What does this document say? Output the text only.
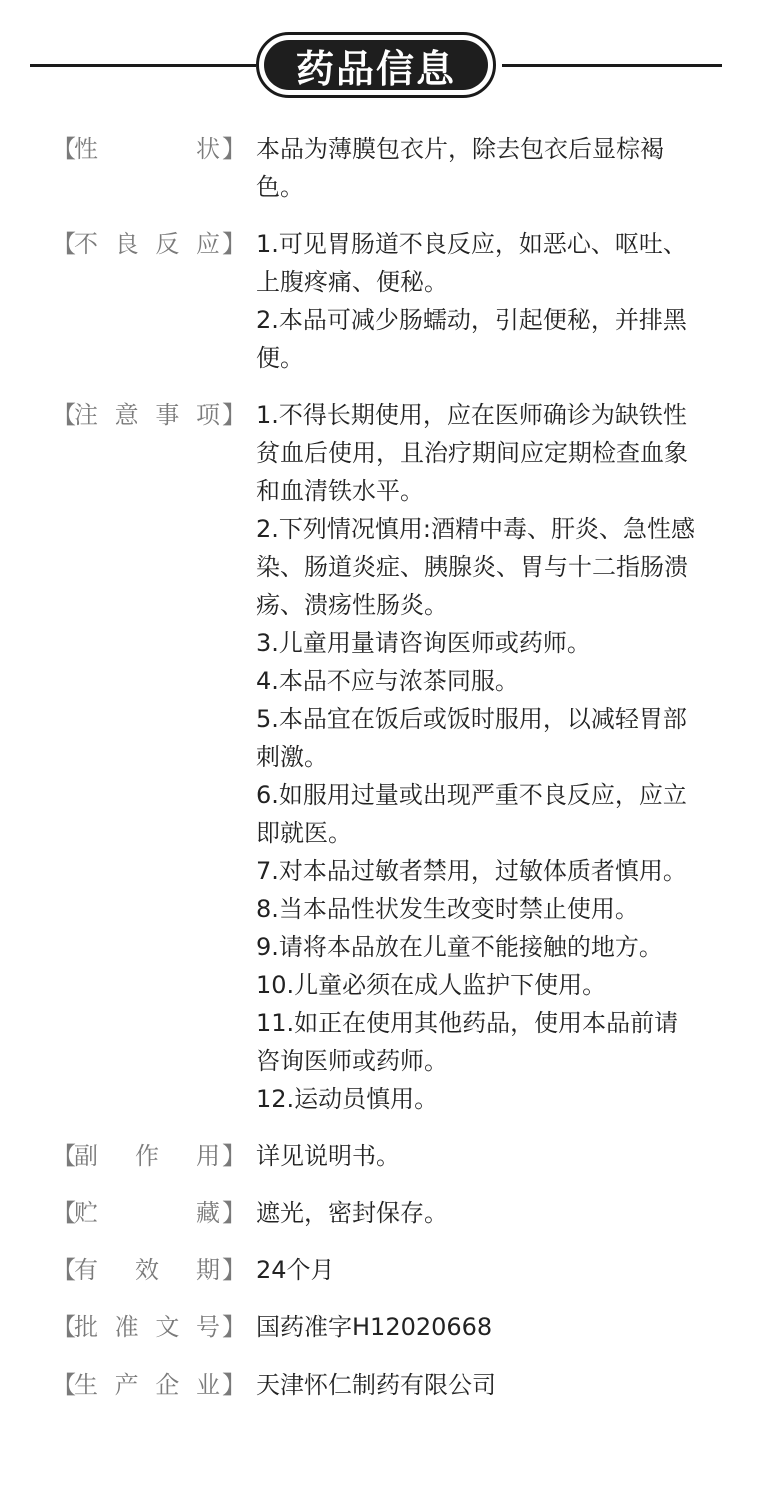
药品信息
【
性	状 】 本品为薄膜包衣片，除去包衣后显棕褐色。

【
不 良 反 应 】 1.可见胃肠道不良反应，如恶心、呕吐、上腹疼痛、便秘。

2.本品可减少肠蠕动，引起便秘，并排黑便。

【
注 意 事 项 】 1.不得长期使用，应在医师确诊为缺铁性贫血后使用，且治疗期间应定期检查血象和血清铁水平。

2.下列情况慎用:酒精中毒、肝炎、急性感染、肠道炎症、胰腺炎、胃与十二指肠溃疡、溃疡性肠炎。

3.儿童用量请咨询医师或药师。

4.本品不应与浓茶同服。

5.本品宜在饭后或饭时服用，以减轻胃部刺激。

6.如服用过量或出现严重不良反应，应立即就医。

7.对本品过敏者禁用，过敏体质者慎用。

8.当本品性状发生改变时禁止使用。

9.请将本品放在儿童不能接触的地方。

10.儿童必须在成人监护下使用。

11.如正在使用其他药品，使用本品前请咨询医师或药师。

12.运动员慎用。

【
副 作 用 】 详见说明书。

【
贮	藏 】 遮光，密封保存。

【
有 效 期 】 24个月

【
批 准 文 号 】 国药准字H12020668

【
生 产 企 业 】 天津怀仁制药有限公司
